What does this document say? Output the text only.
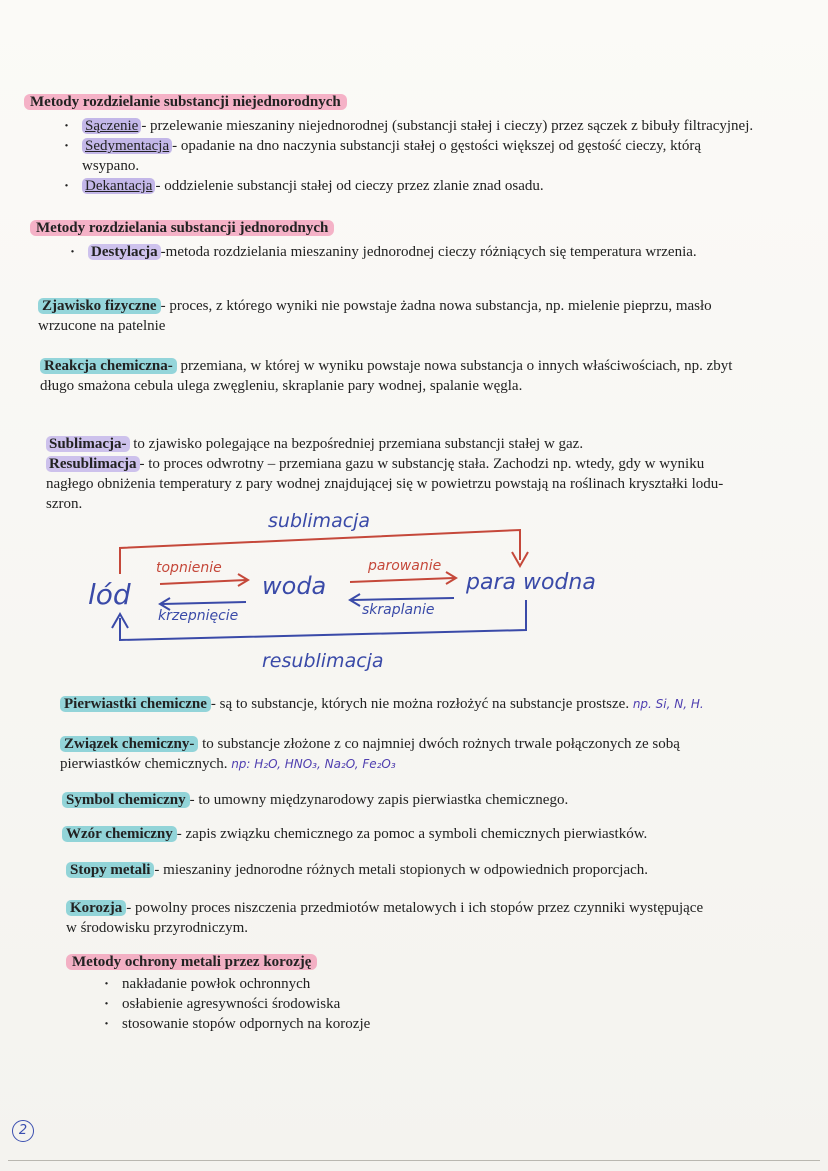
Metody rozdzielanie substancji niejednorodnych
· Sączenie - przelewanie mieszaniny niejednorodnej (substancji stałej i cieczy) przez sączek z bibuły filtracyjnej.
· Sedymentacja - opadanie na dno naczynia substancji stałej o gęstości większej od gęstość cieczy, którą wsypano.
· Dekantacja - oddzielenie substancji stałej od cieczy przez zlanie znad osadu.
Metody rozdzielania substancji jednorodnych
· Destylacja -metoda rozdzielania mieszaniny jednorodnej cieczy różniących się temperatura wrzenia.
Zjawisko fizyczne - proces, z którego wyniki nie powstaje żadna nowa substancja, np. mielenie pieprzu, masło wrzucone na patelnie
Reakcja chemiczna- przemiana, w której w wyniku powstaje nowa substancja o innych właściwościach, np. zbyt długo smażona cebula ulega zwęgleniu, skraplanie pary wodnej, spalanie węgla.
Sublimacja- to zjawisko polegające na bezpośredniej przemiana substancji stałej w gaz.
Resublimacja - to proces odwrotny – przemiana gazu w substancję stała. Zachodzi np. wtedy, gdy w wyniku nagłego obniżenia temperatury z pary wodnej znajdującej się w powietrzu powstają na roślinach kryształki lodu- szron.
sublimacja
resublimacja
lód	woda	para wodna
topnienie
krzepnięcie
parowanie
skraplanie
Pierwiastki chemiczne - są to substancje, których nie można rozłożyć na substancje prostsze. np. Si, N, H.
Związek chemiczny- to substancje złożone z co najmniej dwóch rożnych trwale połączonych ze sobą pierwiastków chemicznych. np: H₂O, HNO₃, Na₂O, Fe₂O₃
Symbol chemiczny - to umowny międzynarodowy zapis pierwiastka chemicznego.
Wzór chemiczny - zapis związku chemicznego za pomoc a symboli chemicznych pierwiastków.
Stopy metali - mieszaniny jednorodne różnych metali stopionych w odpowiednich proporcjach.
Korozja - powolny proces niszczenia przedmiotów metalowych i ich stopów przez czynniki występujące w środowisku przyrodniczym.
Metody ochrony metali przez korozję
· nakładanie powłok ochronnych
· osłabienie agresywności środowiska
· stosowanie stopów odpornych na korozje
2
